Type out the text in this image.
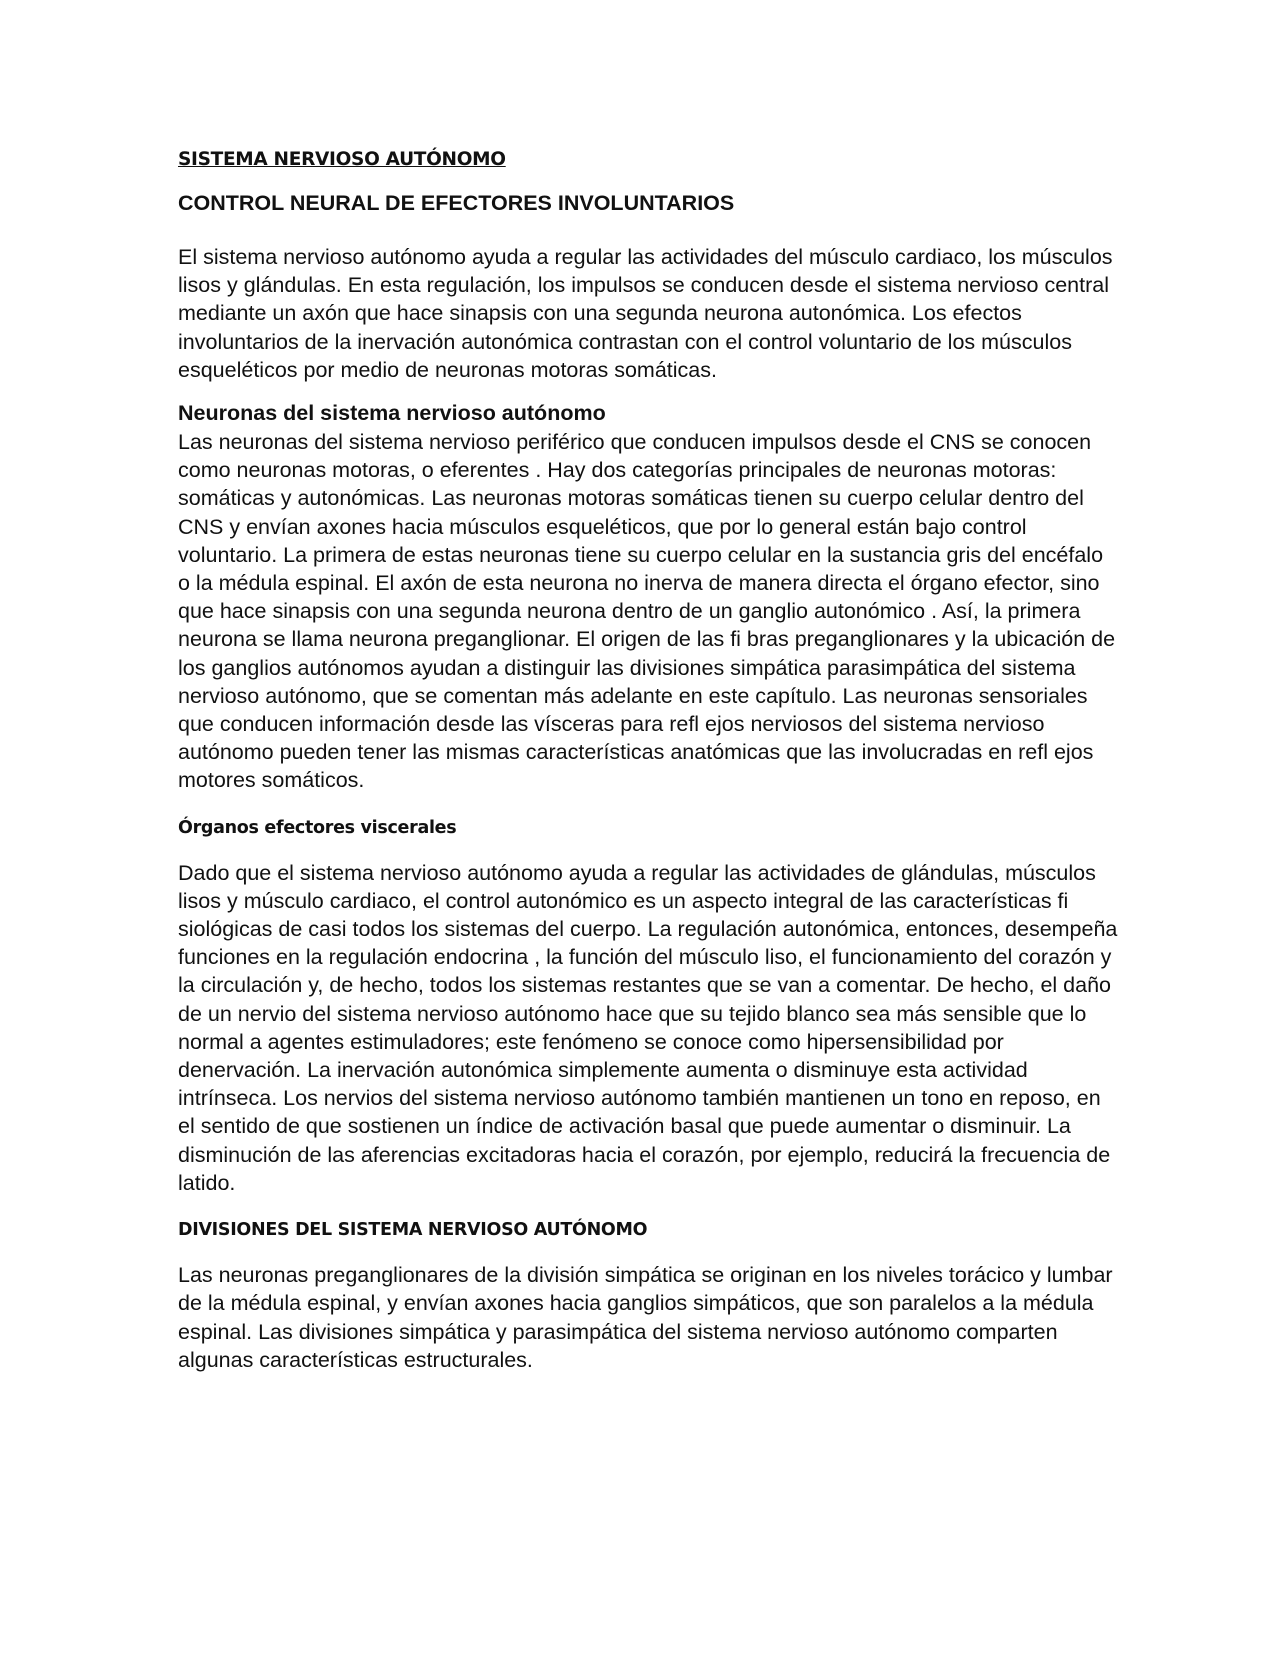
SISTEMA NERVIOSO AUTÓNOMO
CONTROL NEURAL DE EFECTORES INVOLUNTARIOS

El sistema nervioso autónomo ayuda a regular las actividades del músculo cardiaco, los músculos lisos y glándulas. En esta regulación, los impulsos se conducen desde el sistema nervioso central mediante un axón que hace sinapsis con una segunda neurona autonómica. Los efectos involuntarios de la inervación autonómica contrastan con el control voluntario de los músculos esqueléticos por medio de neuronas motoras somáticas.

Neuronas del sistema nervioso autónomo

Las neuronas del sistema nervioso periférico que conducen impulsos desde el CNS se conocen como neuronas motoras, o eferentes . Hay dos categorías principales de neuronas motoras: somáticas y autonómicas. Las neuronas motoras somáticas tienen su cuerpo celular dentro del CNS y envían axones hacia músculos esqueléticos, que por lo general están bajo control voluntario. La primera de estas neuronas tiene su cuerpo celular en la sustancia gris del encéfalo o la médula espinal. El axón de esta neurona no inerva de manera directa el órgano efector, sino que hace sinapsis con una segunda neurona dentro de un ganglio autonómico . Así, la primera neurona se llama neurona preganglionar. El origen de las fi bras preganglionares y la ubicación de los ganglios autónomos ayudan a distinguir las divisiones simpática parasimpática del sistema nervioso autónomo, que se comentan más adelante en este capítulo. Las neuronas sensoriales que conducen información desde las vísceras para refl ejos nerviosos del sistema nervioso autónomo pueden tener las mismas características anatómicas que las involucradas en refl ejos motores somáticos.

Órganos efectores viscerales

Dado que el sistema nervioso autónomo ayuda a regular las actividades de glándulas, músculos lisos y músculo cardiaco, el control autonómico es un aspecto integral de las características fi siológicas de casi todos los sistemas del cuerpo. La regulación autonómica, entonces, desempeña funciones en la regulación endocrina , la función del músculo liso, el funcionamiento del corazón y la circulación y, de hecho, todos los sistemas restantes que se van a comentar. De hecho, el daño de un nervio del sistema nervioso autónomo hace que su tejido blanco sea más sensible que lo normal a agentes estimuladores; este fenómeno se conoce como hipersensibilidad por denervación. La inervación autonómica simplemente aumenta o disminuye esta actividad intrínseca. Los nervios del sistema nervioso autónomo también mantienen un tono en reposo, en el sentido de que sostienen un índice de activación basal que puede aumentar o disminuir. La disminución de las aferencias excitadoras hacia el corazón, por ejemplo, reducirá la frecuencia de latido.

DIVISIONES DEL SISTEMA NERVIOSO AUTÓNOMO

Las neuronas preganglionares de la división simpática se originan en los niveles torácico y lumbar de la médula espinal, y envían axones hacia ganglios simpáticos, que son paralelos a la médula espinal. Las divisiones simpática y parasimpática del sistema nervioso autónomo comparten algunas características estructurales.
